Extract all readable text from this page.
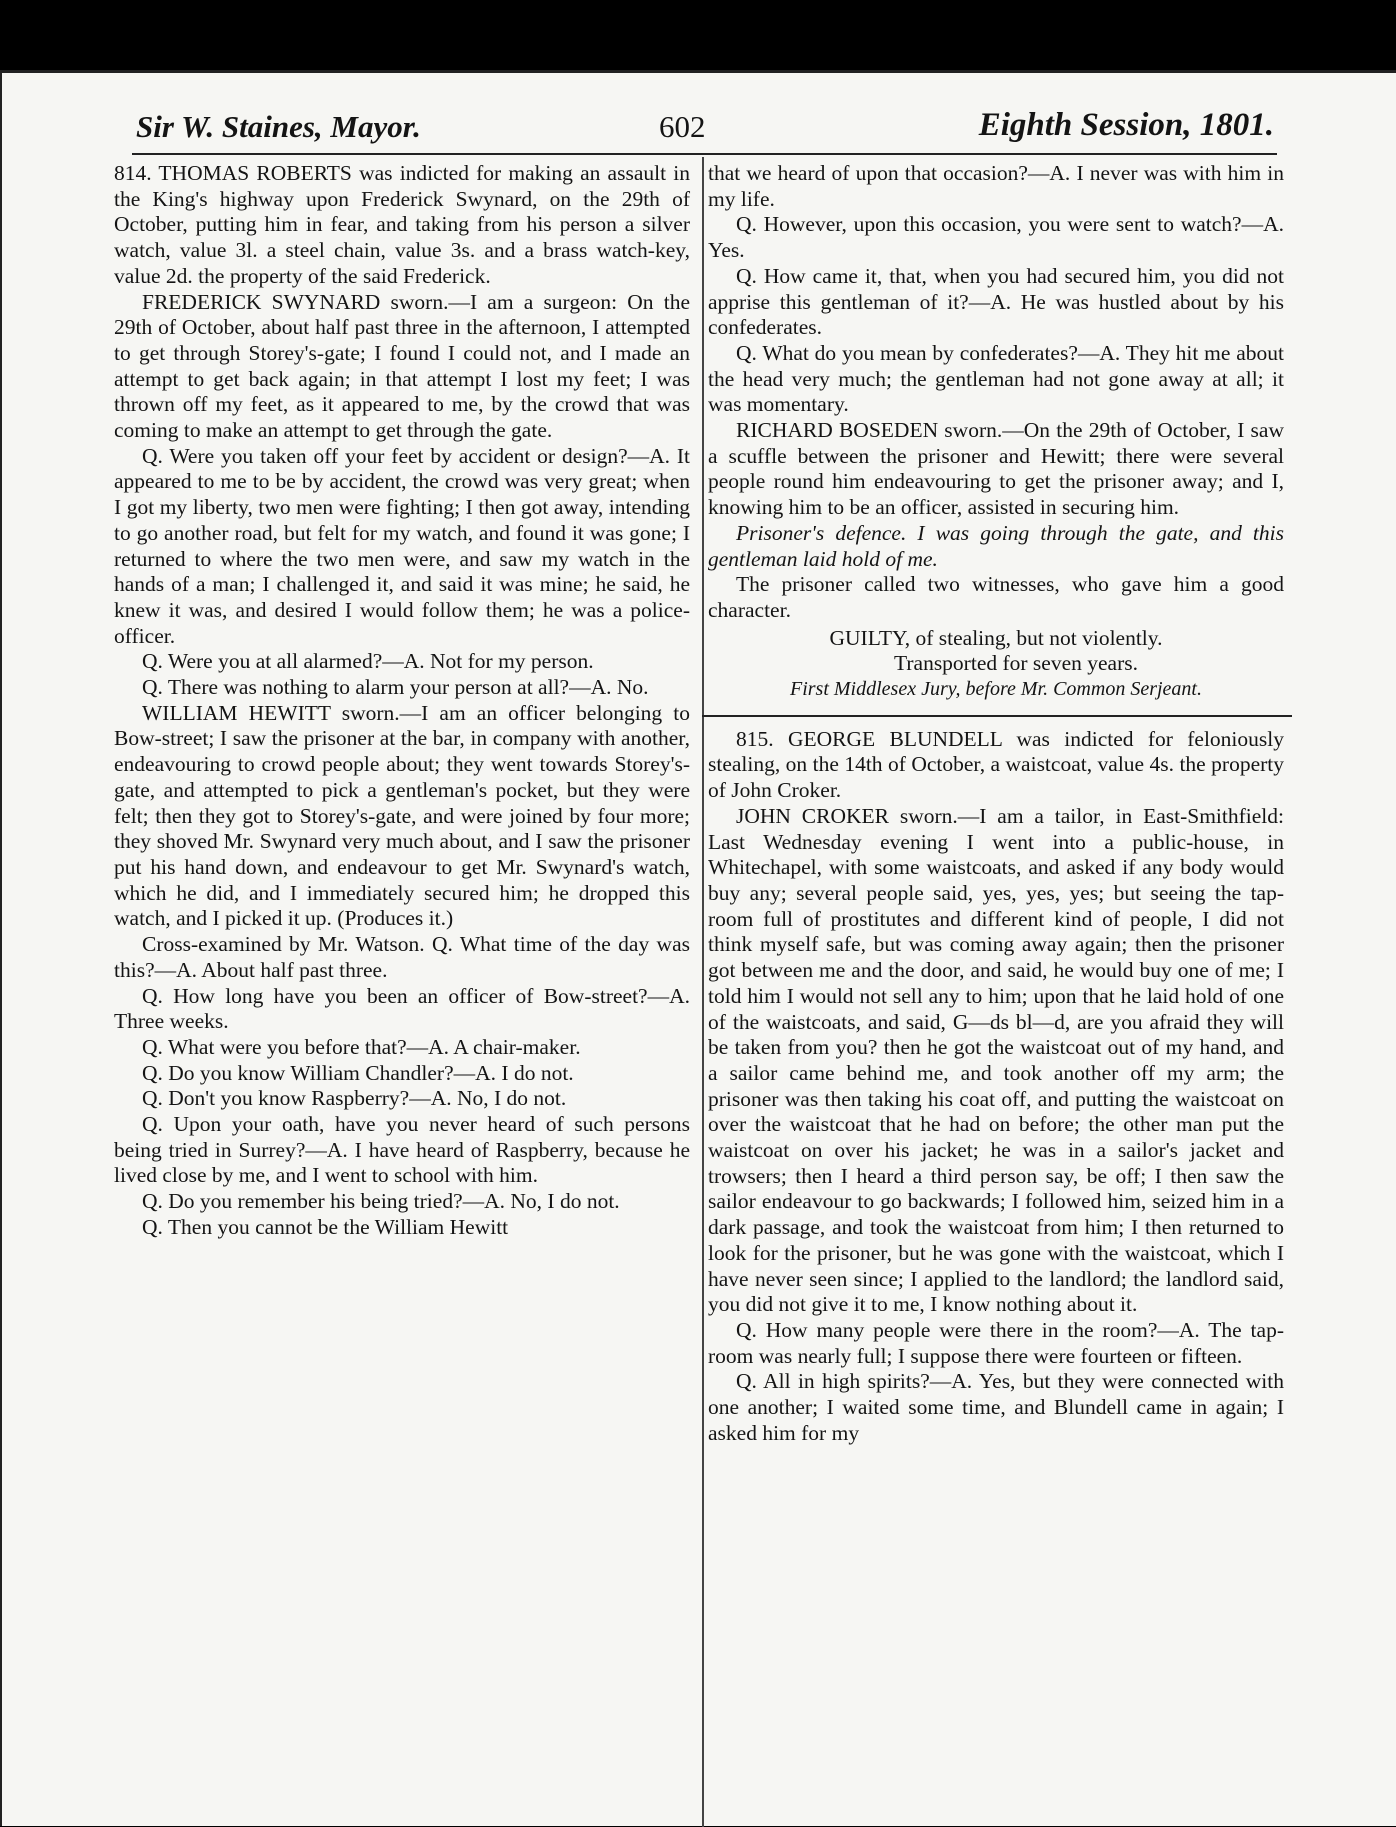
Sir W. Staines, Mayor.	602	Eighth Session, 1801.

814. THOMAS ROBERTS was indicted for making an assault in the King's highway upon Frederick Swynard, on the 29th of October, putting him in fear, and taking from his person a silver watch, value 3l. a steel chain, value 3s. and a brass watch-key, value 2d. the property of the said Frederick.

FREDERICK SWYNARD sworn.—I am a surgeon: On the 29th of October, about half past three in the afternoon, I attempted to get through Storey's-gate; I found I could not, and I made an attempt to get back again; in that attempt I lost my feet; I was thrown off my feet, as it appeared to me, by the crowd that was coming to make an attempt to get through the gate.

Q. Were you taken off your feet by accident or design?—A. It appeared to me to be by accident, the crowd was very great; when I got my liberty, two men were fighting; I then got away, intending to go another road, but felt for my watch, and found it was gone; I returned to where the two men were, and saw my watch in the hands of a man; I challenged it, and said it was mine; he said, he knew it was, and desired I would follow them; he was a police-officer.

Q. Were you at all alarmed?—A. Not for my person.

Q. There was nothing to alarm your person at all?—A. No.

WILLIAM HEWITT sworn.—I am an officer belonging to Bow-street; I saw the prisoner at the bar, in company with another, endeavouring to crowd people about; they went towards Storey's-gate, and attempted to pick a gentleman's pocket, but they were felt; then they got to Storey's-gate, and were joined by four more; they shoved Mr. Swynard very much about, and I saw the prisoner put his hand down, and endeavour to get Mr. Swynard's watch, which he did, and I immediately secured him; he dropped this watch, and I picked it up. (Produces it.)

Cross-examined by Mr. Watson. Q. What time of the day was this?—A. About half past three.

Q. How long have you been an officer of Bow-street?—A. Three weeks.

Q. What were you before that?—A. A chair-maker.

Q. Do you know William Chandler?—A. I do not.

Q. Don't you know Raspberry?—A. No, I do not.

Q. Upon your oath, have you never heard of such persons being tried in Surrey?—A. I have heard of Raspberry, because he lived close by me, and I went to school with him.

Q. Do you remember his being tried?—A. No, I do not.

Q. Then you cannot be the William Hewitt

that we heard of upon that occasion?—A. I never was with him in my life.

Q. However, upon this occasion, you were sent to watch?—A. Yes.

Q. How came it, that, when you had secured him, you did not apprise this gentleman of it?—A. He was hustled about by his confederates.

Q. What do you mean by confederates?—A. They hit me about the head very much; the gentleman had not gone away at all; it was momentary.

RICHARD BOSEDEN sworn.—On the 29th of October, I saw a scuffle between the prisoner and Hewitt; there were several people round him endeavouring to get the prisoner away; and I, knowing him to be an officer, assisted in securing him.

Prisoner's defence. I was going through the gate, and this gentleman laid hold of me.

The prisoner called two witnesses, who gave him a good character.

GUILTY, of stealing, but not violently.

Transported for seven years.

First Middlesex Jury, before Mr. Common Serjeant.

815. GEORGE BLUNDELL was indicted for feloniously stealing, on the 14th of October, a waistcoat, value 4s. the property of John Croker.

JOHN CROKER sworn.—I am a tailor, in East-Smithfield: Last Wednesday evening I went into a public-house, in Whitechapel, with some waistcoats, and asked if any body would buy any; several people said, yes, yes, yes; but seeing the tap-room full of prostitutes and different kind of people, I did not think myself safe, but was coming away again; then the prisoner got between me and the door, and said, he would buy one of me; I told him I would not sell any to him; upon that he laid hold of one of the waistcoats, and said, G—ds bl—d, are you afraid they will be taken from you? then he got the waistcoat out of my hand, and a sailor came behind me, and took another off my arm; the prisoner was then taking his coat off, and putting the waistcoat on over the waistcoat that he had on before; the other man put the waistcoat on over his jacket; he was in a sailor's jacket and trowsers; then I heard a third person say, be off; I then saw the sailor endeavour to go backwards; I followed him, seized him in a dark passage, and took the waistcoat from him; I then returned to look for the prisoner, but he was gone with the waistcoat, which I have never seen since; I applied to the landlord; the landlord said, you did not give it to me, I know nothing about it.

Q. How many people were there in the room?—A. The tap-room was nearly full; I suppose there were fourteen or fifteen.

Q. All in high spirits?—A. Yes, but they were connected with one another; I waited some time, and Blundell came in again; I asked him for my
